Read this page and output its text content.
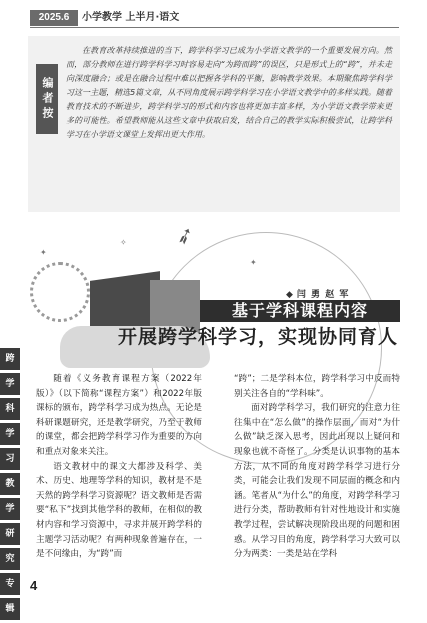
2025.6	小学教学 上半月·语文
编者按
在教育改革持续推进的当下，跨学科学习已成为小学语文教学的一个重要发展方向。然而，部分教师在进行跨学科学习时容易走向“为跨而跨”的误区，只是形式上的“跨”，并未走向深度融合；或是在融合过程中难以把握各学科的平衡，影响教学效果。本期聚焦跨学科学习这一主题，精选5篇文章，从不同角度展示跨学科学习在小学语文教学中的多样实践。随着教育技术的不断进步，跨学科学习的形式和内容也将更加丰富多样，为小学语文教学带来更多的可能性。希望教师能从这些文章中获取启发，结合自己的教学实际积极尝试，让跨学科学习在小学语文课堂上发挥出更大作用。
➶
✦
✦
✧
◆ 闫 勇 赵 军
基于学科课程内容
开展跨学科学习，实现协同育人
跨
学
科
学
习
教
学
研
究
专
辑

随着《义务教育课程方案（2022年版）》（以下简称“课程方案”）和2022年版课标的颁布，跨学科学习成为热点。无论是科研课题研究，还是教学研究，乃至于教师的课堂，都会把跨学科学习作为重要的方向和重点对象来关注。

语文教材中的课文大都涉及科学、美术、历史、地理等学科的知识，教材是不是天然的跨学科学习资源呢？语文教师是否需要“私下”找到其他学科的教师，在相似的教材内容和学习资源中，寻求并展开跨学科的主题学习活动呢？有两种现象普遍存在，一是不问缘由，为“跨”而

“跨”；二是学科本位，跨学科学习中反而特别关注各自的“学科味”。

面对跨学科学习，我们研究的注意力往往集中在“怎么做”的操作层面，而对“为什么做”缺乏深入思考，因此出现以上疑问和现象也就不奇怪了。分类是认识事物的基本方法，从不同的角度对跨学科学习进行分类，可能会让我们发现不同层面的概念和内涵。笔者从“为什么”的角度，对跨学科学习进行分类，帮助教师有针对性地设计和实施教学过程，尝试解决现阶段出现的问题和困惑。从学习目的角度，跨学科学习大致可以分为两类：一类是站在学科

4
